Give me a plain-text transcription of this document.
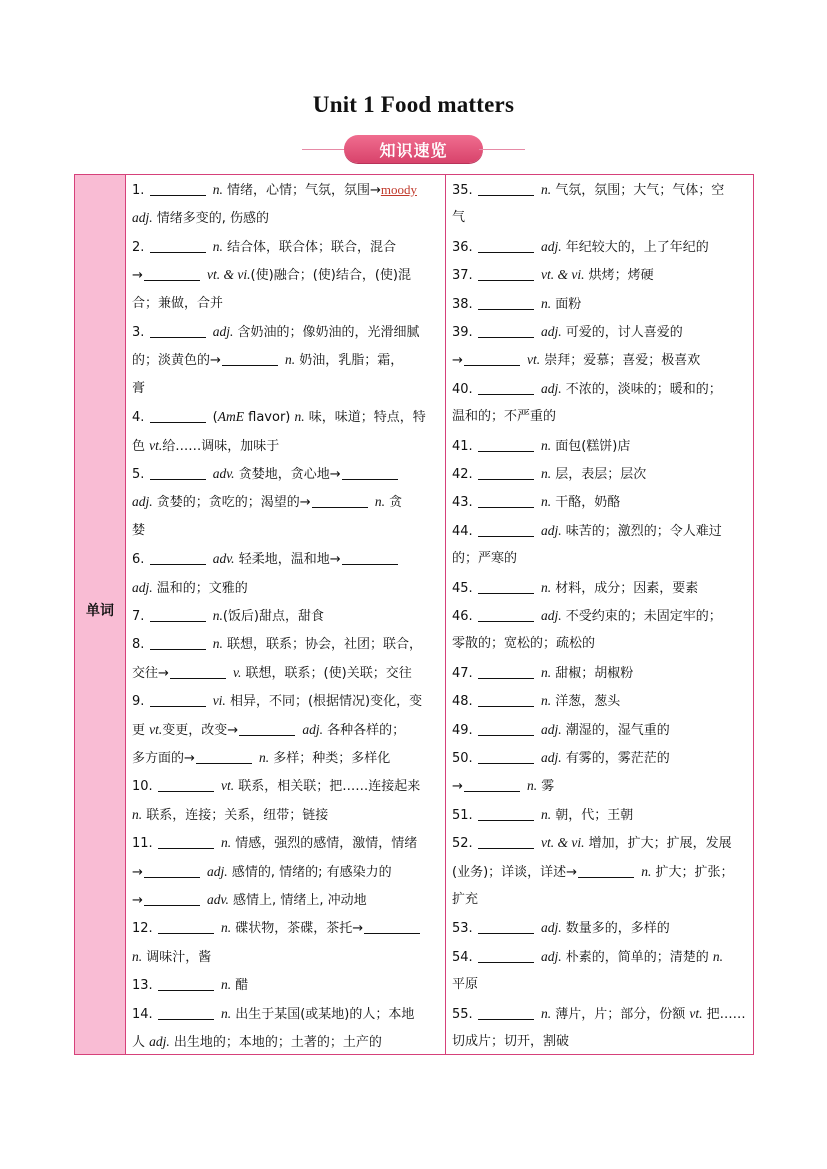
Unit 1 Food matters
知识速览
单词
1.	n. 情绪，心情；气氛，氛围→moody
adj. 情绪多变的, 伤感的
2.	n. 结合体，联合体；联合，混合
→	vt. & vi.(使)融合；(使)结合，(使)混
合；兼做，合并
3.	adj. 含奶油的；像奶油的，光滑细腻
的；淡黄色的→	n. 奶油，乳脂；霜，
膏
4.	(AmE flavor) n. 味，味道；特点，特
色 vt.给……调味，加味于
5.	adv. 贪婪地，贪心地→
adj. 贪婪的；贪吃的；渴望的→	n. 贪
婪
6.	adv. 轻柔地，温和地→
adj. 温和的；文雅的
7.	n.(饭后)甜点，甜食
8.	n. 联想，联系；协会，社团；联合，
交往→	v. 联想，联系；(使)关联；交往
9.	vi. 相异，不同；(根据情况)变化，变
更 vt.变更，改变→	adj. 各种各样的；
多方面的→	n. 多样；种类；多样化
10.	vt. 联系，相关联；把……连接起来
n. 联系，连接；关系，纽带；链接
11.	n. 情感，强烈的感情，激情，情绪
→	adj. 感情的, 情绪的; 有感染力的
→	adv. 感情上, 情绪上, 冲动地
12.	n. 碟状物，茶碟，茶托→
n. 调味汁，酱
13.	n. 醋
14.	n. 出生于某国(或某地)的人；本地
人 adj. 出生地的；本地的；土著的；土产的
35.	n. 气氛，氛围；大气；气体；空
气
36.	adj. 年纪较大的，上了年纪的
37.	vt. & vi. 烘烤；烤硬
38.	n. 面粉
39.	adj. 可爱的，讨人喜爱的
→	vt. 崇拜；爱慕；喜爱；极喜欢
40.	adj. 不浓的，淡味的；暖和的；
温和的；不严重的
41.	n. 面包(糕饼)店
42.	n. 层，表层；层次
43.	n. 干酪，奶酪
44.	adj. 味苦的；激烈的；令人难过
的；严寒的
45.	n. 材料，成分；因素，要素
46.	adj. 不受约束的；未固定牢的；
零散的；宽松的；疏松的
47.	n. 甜椒；胡椒粉
48.	n. 洋葱，葱头
49.	adj. 潮湿的，湿气重的
50.	adj. 有雾的，雾茫茫的
→	n. 雾
51.	n. 朝，代；王朝
52.	vt. & vi. 增加，扩大；扩展，发展
(业务)；详谈，详述→	n. 扩大；扩张；
扩充
53.	adj. 数量多的，多样的
54.	adj. 朴素的，简单的；清楚的 n.
平原
55.	n. 薄片，片；部分，份额 vt. 把……
切成片；切开，割破
